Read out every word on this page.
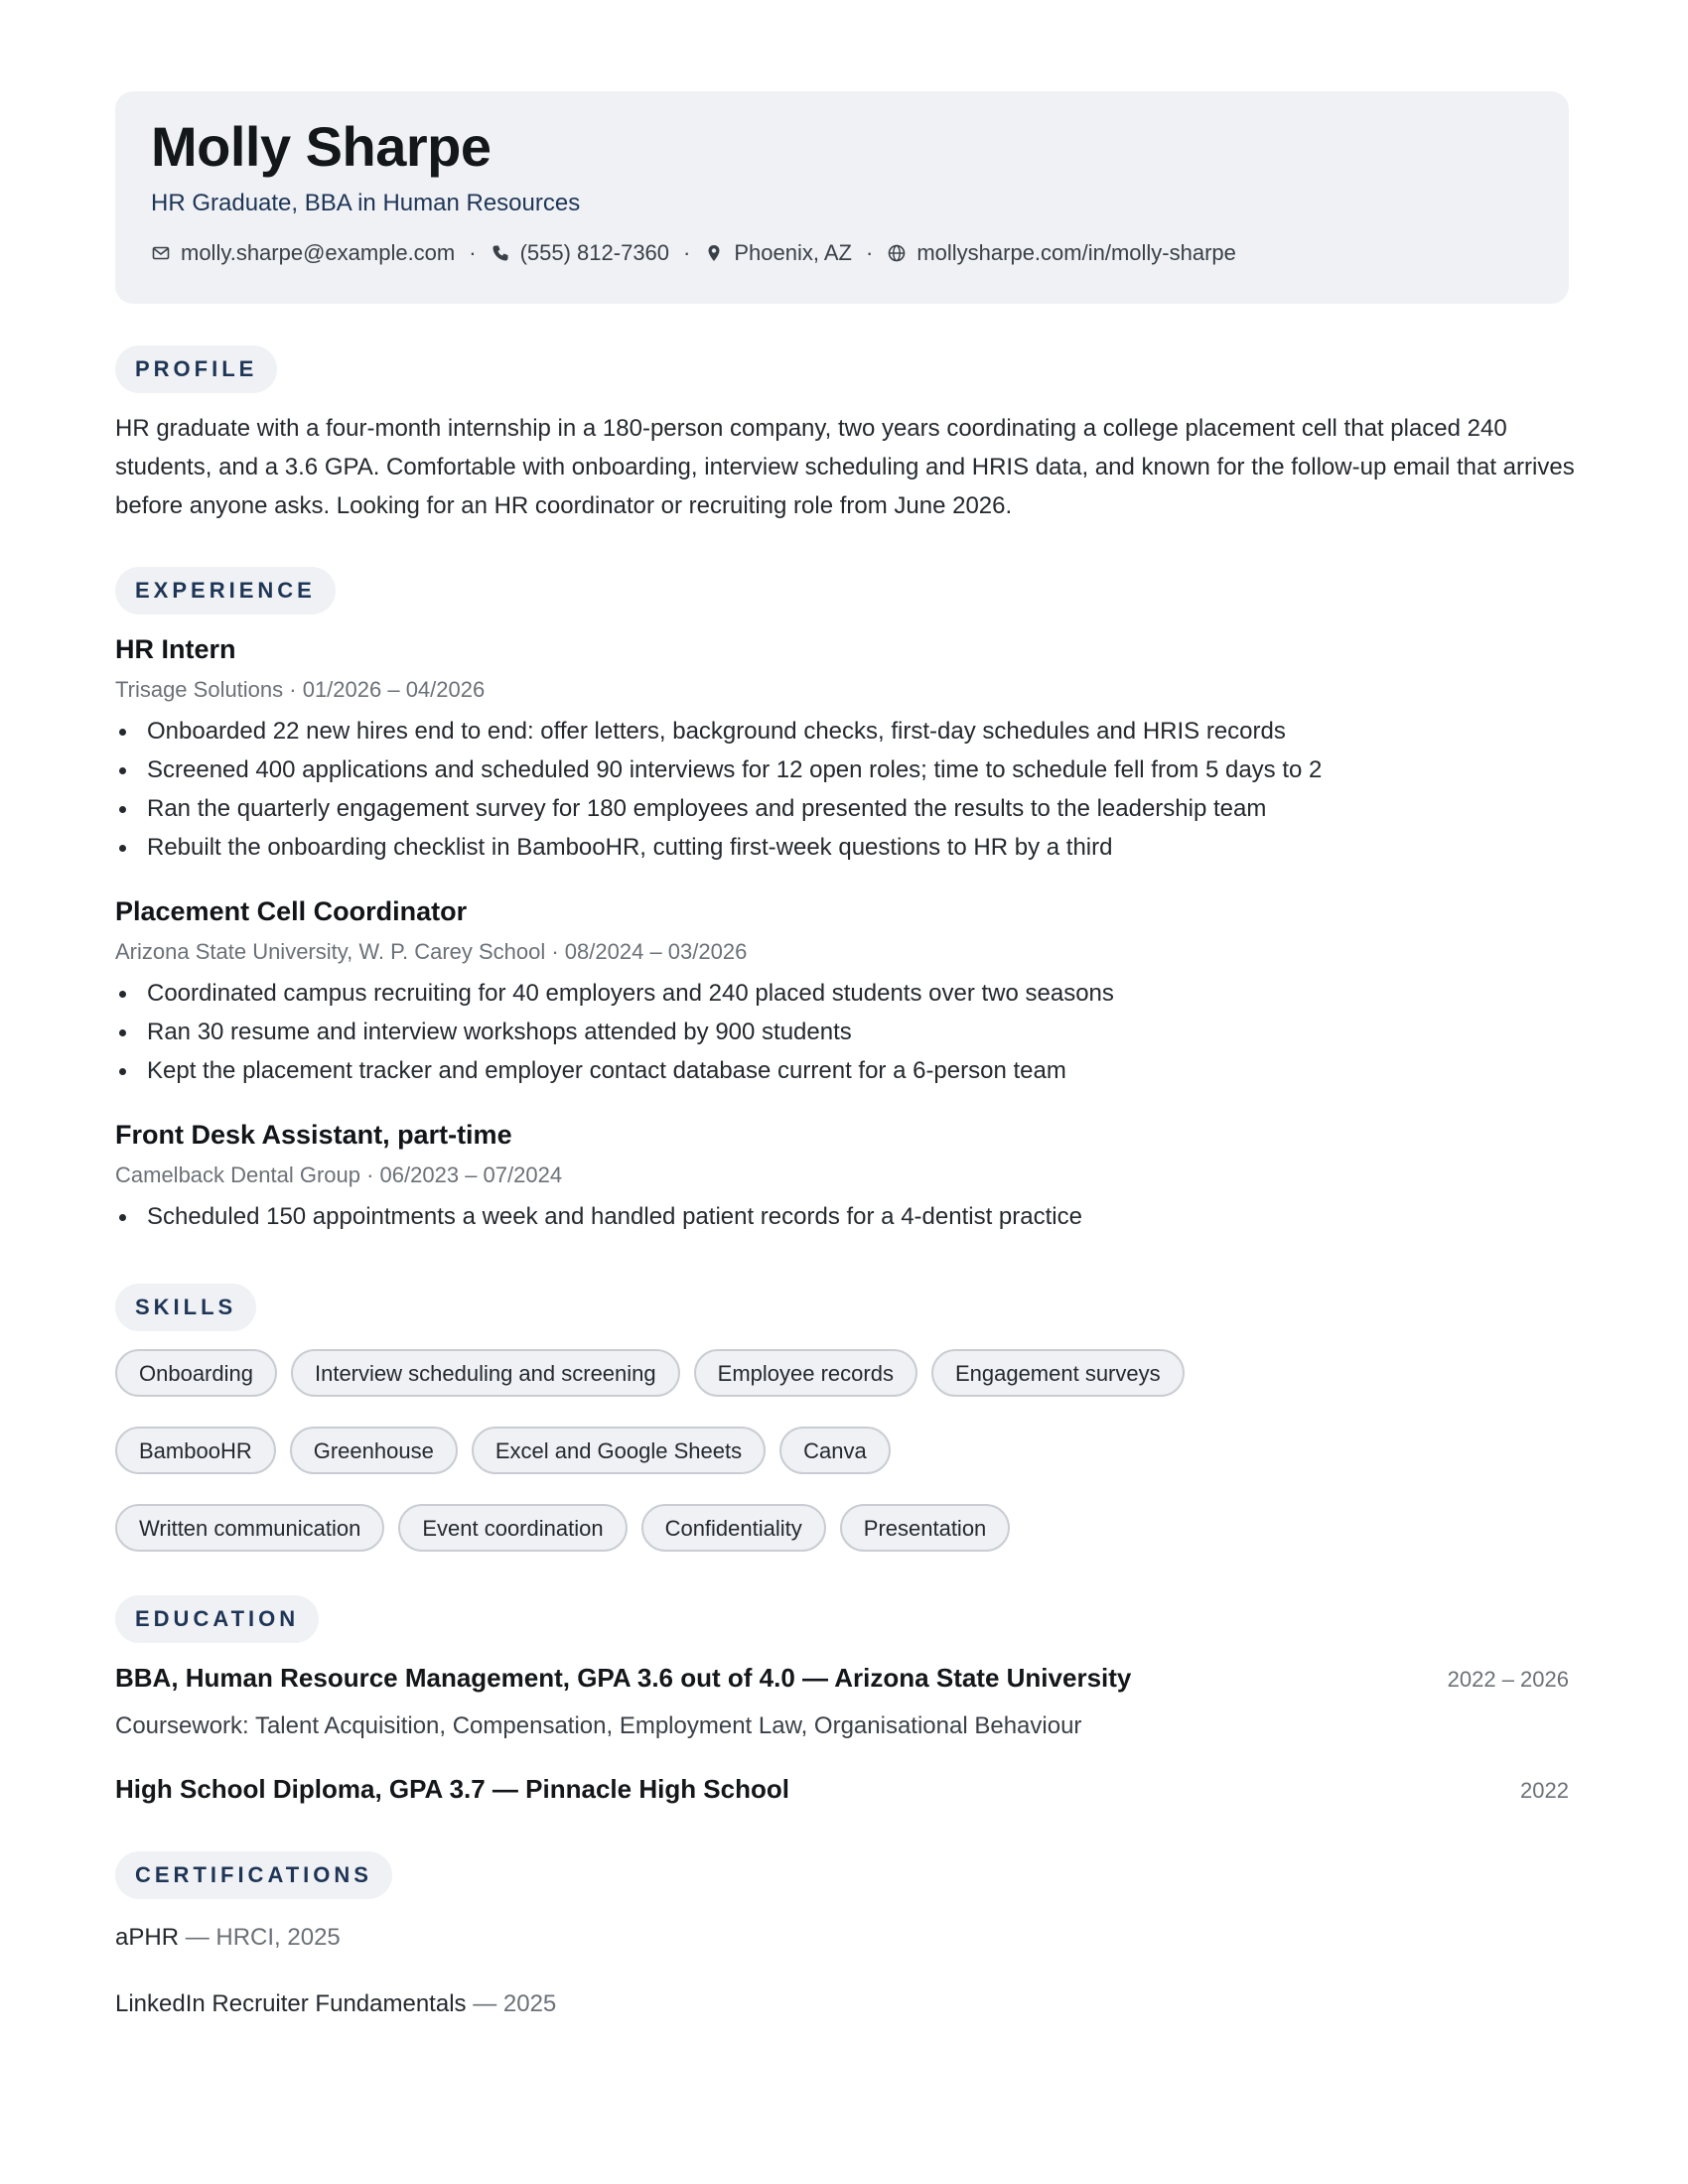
Molly Sharpe
HR Graduate, BBA in Human Resources
molly.sharpe@example.com · (555) 812-7360 · Phoenix, AZ · mollysharpe.com/in/molly-sharpe
PROFILE
HR graduate with a four-month internship in a 180-person company, two years coordinating a college placement cell that placed 240 students, and a 3.6 GPA. Comfortable with onboarding, interview scheduling and HRIS data, and known for the follow-up email that arrives before anyone asks. Looking for an HR coordinator or recruiting role from June 2026.
EXPERIENCE
HR Intern
Trisage Solutions · 01/2026 – 04/2026
Onboarded 22 new hires end to end: offer letters, background checks, first-day schedules and HRIS records
Screened 400 applications and scheduled 90 interviews for 12 open roles; time to schedule fell from 5 days to 2
Ran the quarterly engagement survey for 180 employees and presented the results to the leadership team
Rebuilt the onboarding checklist in BambooHR, cutting first-week questions to HR by a third
Placement Cell Coordinator
Arizona State University, W. P. Carey School · 08/2024 – 03/2026
Coordinated campus recruiting for 40 employers and 240 placed students over two seasons
Ran 30 resume and interview workshops attended by 900 students
Kept the placement tracker and employer contact database current for a 6-person team
Front Desk Assistant, part-time
Camelback Dental Group · 06/2023 – 07/2024
Scheduled 150 appointments a week and handled patient records for a 4-dentist practice
SKILLS
Onboarding	Interview scheduling and screening	Employee records	Engagement surveys
BambooHR	Greenhouse	Excel and Google Sheets	Canva
Written communication	Event coordination	Confidentiality	Presentation
EDUCATION
BBA, Human Resource Management, GPA 3.6 out of 4.0 — Arizona State University	2022 – 2026
Coursework: Talent Acquisition, Compensation, Employment Law, Organisational Behaviour
High School Diploma, GPA 3.7 — Pinnacle High School	2022
CERTIFICATIONS
aPHR — HRCI, 2025
LinkedIn Recruiter Fundamentals — 2025
